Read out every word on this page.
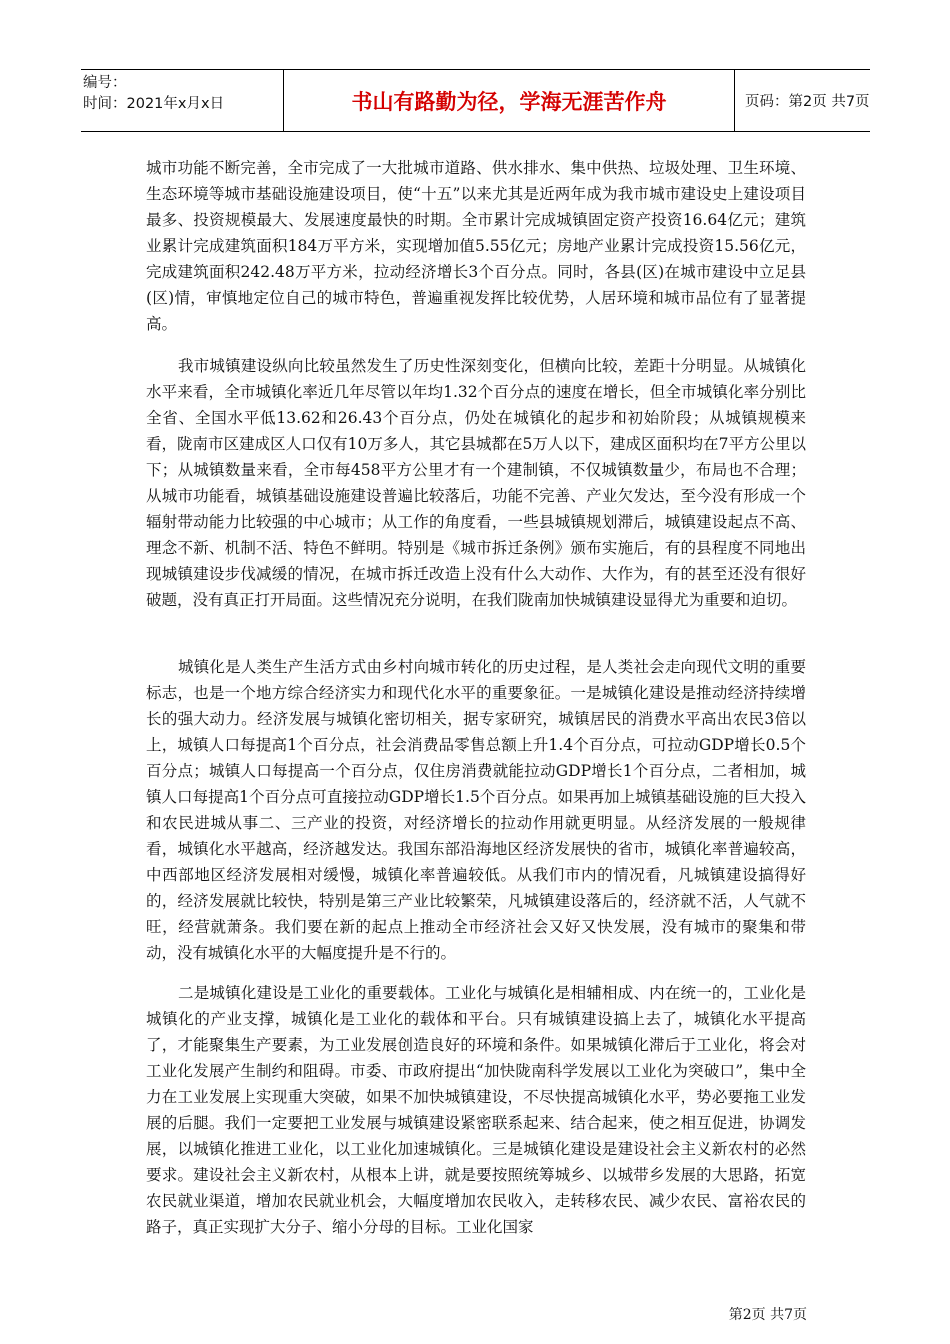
编号：
时间：2021年x月x日	书山有路勤为径，学海无涯苦作舟	页码：第2页 共7页

城市功能不断完善，全市完成了一大批城市道路、供水排水、集中供热、垃圾处理、卫生环境、生态环境等城市基础设施建设项目，使“十五”以来尤其是近两年成为我市城市建设史上建设项目最多、投资规模最大、发展速度最快的时期。全市累计完成城镇固定资产投资16.64亿元；建筑业累计完成建筑面积184万平方米，实现增加值5.55亿元；房地产业累计完成投资15.56亿元，完成建筑面积242.48万平方米，拉动经济增长3个百分点。同时，各县(区)在城市建设中立足县(区)情，审慎地定位自己的城市特色，普遍重视发挥比较优势，人居环境和城市品位有了显著提高。

我市城镇建设纵向比较虽然发生了历史性深刻变化，但横向比较，差距十分明显。从城镇化水平来看，全市城镇化率近几年尽管以年均1.32个百分点的速度在增长，但全市城镇化率分别比全省、全国水平低13.62和26.43个百分点，仍处在城镇化的起步和初始阶段；从城镇规模来看，陇南市区建成区人口仅有10万多人，其它县城都在5万人以下，建成区面积均在7平方公里以下；从城镇数量来看，全市每458平方公里才有一个建制镇，不仅城镇数量少，布局也不合理；从城市功能看，城镇基础设施建设普遍比较落后，功能不完善、产业欠发达，至今没有形成一个辐射带动能力比较强的中心城市；从工作的角度看，一些县城镇规划滞后，城镇建设起点不高、理念不新、机制不活、特色不鲜明。特别是《城市拆迁条例》颁布实施后，有的县程度不同地出现城镇建设步伐减缓的情况，在城市拆迁改造上没有什么大动作、大作为，有的甚至还没有很好破题，没有真正打开局面。这些情况充分说明，在我们陇南加快城镇建设显得尤为重要和迫切。

城镇化是人类生产生活方式由乡村向城市转化的历史过程，是人类社会走向现代文明的重要标志，也是一个地方综合经济实力和现代化水平的重要象征。一是城镇化建设是推动经济持续增长的强大动力。经济发展与城镇化密切相关，据专家研究，城镇居民的消费水平高出农民3倍以上，城镇人口每提高1个百分点，社会消费品零售总额上升1.4个百分点，可拉动GDP增长0.5个百分点；城镇人口每提高一个百分点，仅住房消费就能拉动GDP增长1个百分点，二者相加，城镇人口每提高1个百分点可直接拉动GDP增长1.5个百分点。如果再加上城镇基础设施的巨大投入和农民进城从事二、三产业的投资，对经济增长的拉动作用就更明显。从经济发展的一般规律看，城镇化水平越高，经济越发达。我国东部沿海地区经济发展快的省市，城镇化率普遍较高，中西部地区经济发展相对缓慢，城镇化率普遍较低。从我们市内的情况看，凡城镇建设搞得好的，经济发展就比较快，特别是第三产业比较繁荣，凡城镇建设落后的，经济就不活，人气就不旺，经营就萧条。我们要在新的起点上推动全市经济社会又好又快发展，没有城市的聚集和带动，没有城镇化水平的大幅度提升是不行的。

二是城镇化建设是工业化的重要载体。工业化与城镇化是相辅相成、内在统一的，工业化是城镇化的产业支撑，城镇化是工业化的载体和平台。只有城镇建设搞上去了，城镇化水平提高了，才能聚集生产要素，为工业发展创造良好的环境和条件。如果城镇化滞后于工业化，将会对工业化发展产生制约和阻碍。市委、市政府提出“加快陇南科学发展以工业化为突破口”，集中全力在工业发展上实现重大突破，如果不加快城镇建设，不尽快提高城镇化水平，势必要拖工业发展的后腿。我们一定要把工业发展与城镇建设紧密联系起来、结合起来，使之相互促进，协调发展，以城镇化推进工业化，以工业化加速城镇化。三是城镇化建设是建设社会主义新农村的必然要求。建设社会主义新农村，从根本上讲，就是要按照统筹城乡、以城带乡发展的大思路，拓宽农民就业渠道，增加农民就业机会，大幅度增加农民收入，走转移农民、减少农民、富裕农民的路子，真正实现扩大分子、缩小分母的目标。工业化国家

第2页 共7页
